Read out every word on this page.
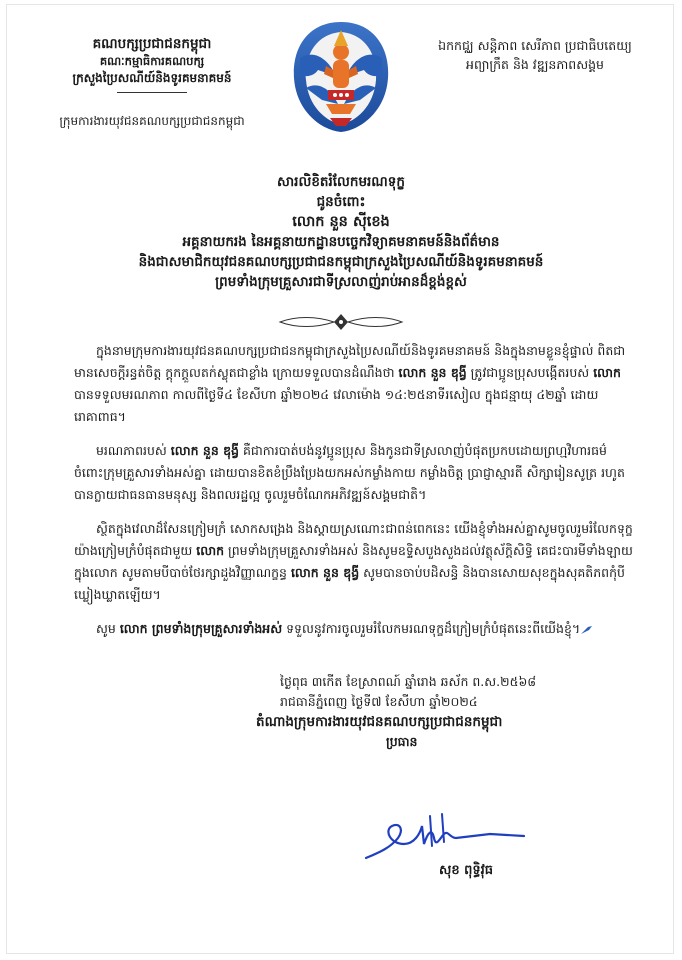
គណបក្សប្រជាជនកម្ពុជា
គណៈកម្មាធិការគណបក្ស
ក្រសួងប្រៃសណីយ៍និងទូរគមនាគមន៍
ក្រុមការងារយុវជនគណបក្សប្រជាជនកម្ពុជា
ឯកកជ្ឈ សន្តិភាព សេរីភាព ប្រជាធិបតេយ្យ
អព្យាក្រឹត និង វឌ្ឍនភាពសង្គម
សារលិខិតរំលែកមរណទុក្ខ
ជូនចំពោះ
លោក នួន ស៊ីខេង
អគ្គនាយករង នៃអគ្គនាយកដ្ឋានបច្ចេកវិទ្យាគមនាគមន៍និងព័ត៌មាន
និងជាសមាជិកយុវជនគណបក្សប្រជាជនកម្ពុជាក្រសួងប្រៃសណីយ៍និងទូរគមនាគមន៍
ព្រមទាំងក្រុមគ្រួសារជាទីស្រលាញ់រាប់អានដ៏ខ្ពង់ខ្ពស់

ក្នុងនាមក្រុមការងារយុវជនគណបក្សប្រជាជនកម្ពុជាក្រសួងប្រៃសណីយ៍និងទូរគមនាគមន៍ និងក្នុងនាមខ្លួនខ្ញុំផ្ទាល់ ពិតជាមានសេចក្តីរន្ធត់ចិត្ត ក្តុកក្តួលតក់ស្លុតជាខ្លាំង ក្រោយទទួលបានដំណឹងថា លោក នួន ឌុង្វី ត្រូវជាប្អូនប្រុសបង្កើតរបស់ លោក បានទទួលមរណភាព កាលពីថ្ងៃទី៤ ខែសីហា ឆ្នាំ២០២៤ វេលាម៉ោង ១៤:២៥នាទីរសៀល ក្នុងជន្មាយុ ៤២ឆ្នាំ ដោយរោគាពាធ។

មរណភាពរបស់ លោក នួន ឌុង្វី គឺជាការបាត់បង់នូវប្អូនប្រុស និងកូនជាទីស្រលាញ់បំផុតប្រកបដោយព្រហ្មវិហារធម៌ ចំពោះក្រុមគ្រួសារទាំងអស់គ្នា ដោយបានខិតខំប្រឹងប្រែងយកអស់កម្លាំងកាយ កម្លាំងចិត្ត ប្រាជ្ញាស្មារតី សិក្សារៀនសូត្រ រហូតបានក្លាយជាធនធានមនុស្ស និងពលរដ្ឋល្អ ចូលរួមចំណែកអភិវឌ្ឍន៍សង្គមជាតិ។

ស្ថិតក្នុងវេលាដ៏សែនក្រៀមក្រំ សោកសង្រេង និងស្តាយស្រណោះជាពន់ពេកនេះ យើងខ្ញុំទាំងអស់គ្នាសូមចូលរួមរំលែកទុក្ខ យ៉ាងក្រៀមក្រំបំផុតជាមួយ លោក ព្រមទាំងក្រុមគ្រួសារទាំងអស់ និងសូមឧទ្ទិសបួងសួងដល់វត្ថុស័ក្តិសិទ្ធិ គេជះបារមីទាំងឡាយក្នុងលោក សូមតាមបីបាច់ថែរក្សាដួងវិញ្ញាណក្ខន្ធ លោក នួន ឌុង្វី សូមបានចាប់បដិសន្ធិ និងបានសោយសុខក្នុងសុគតិភពកុំបីឃ្លៀងឃ្លាតឡើយ។

សូម លោក ព្រមទាំងក្រុមគ្រួសារទាំងអស់ ទទួលនូវការចូលរួមរំលែកមរណទុក្ខដ៏ក្រៀមក្រំបំផុតនេះពីយើងខ្ញុំ។

ថ្ងៃពុធ ៣កើត ខែស្រាពណ៍ ឆ្នាំរោង ឆស័ក ព.ស.២៥៦៨
រាជធានីភ្នំពេញ ថ្ងៃទី៧ ខែសីហា ឆ្នាំ២០២៤
តំណាងក្រុមការងារយុវជនគណបក្សប្រជាជនកម្ពុជា
ប្រធាន
សុខ ពុទ្ធិវុធ
